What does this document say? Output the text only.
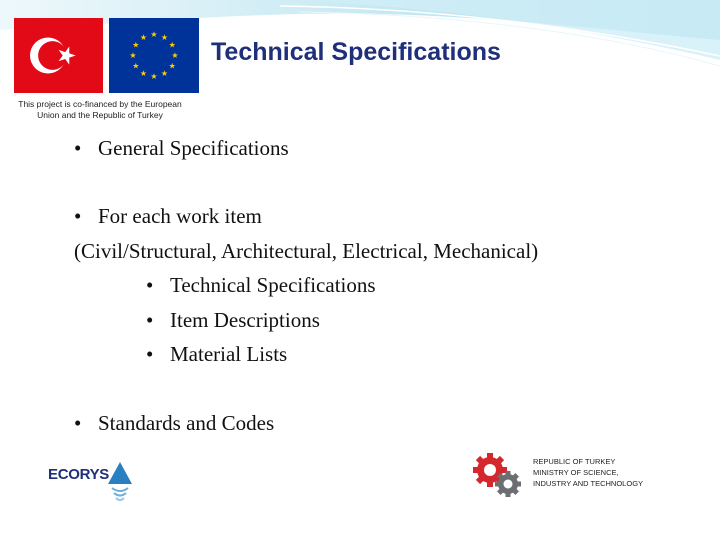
★ ★
★
★
★
★
★
★
★
★
★
★
Technical Specifications
This project is co-financed by the European
Union and the Republic of Turkey
• General Specifications
• For each work item
(Civil/Structural, Architectural, Electrical, Mechanical)
• Technical Specifications
• Item Descriptions
• Material Lists
• Standards and Codes
ECORYS
REPUBLIC OF TURKEY
MINISTRY OF SCIENCE,
INDUSTRY AND TECHNOLOGY
